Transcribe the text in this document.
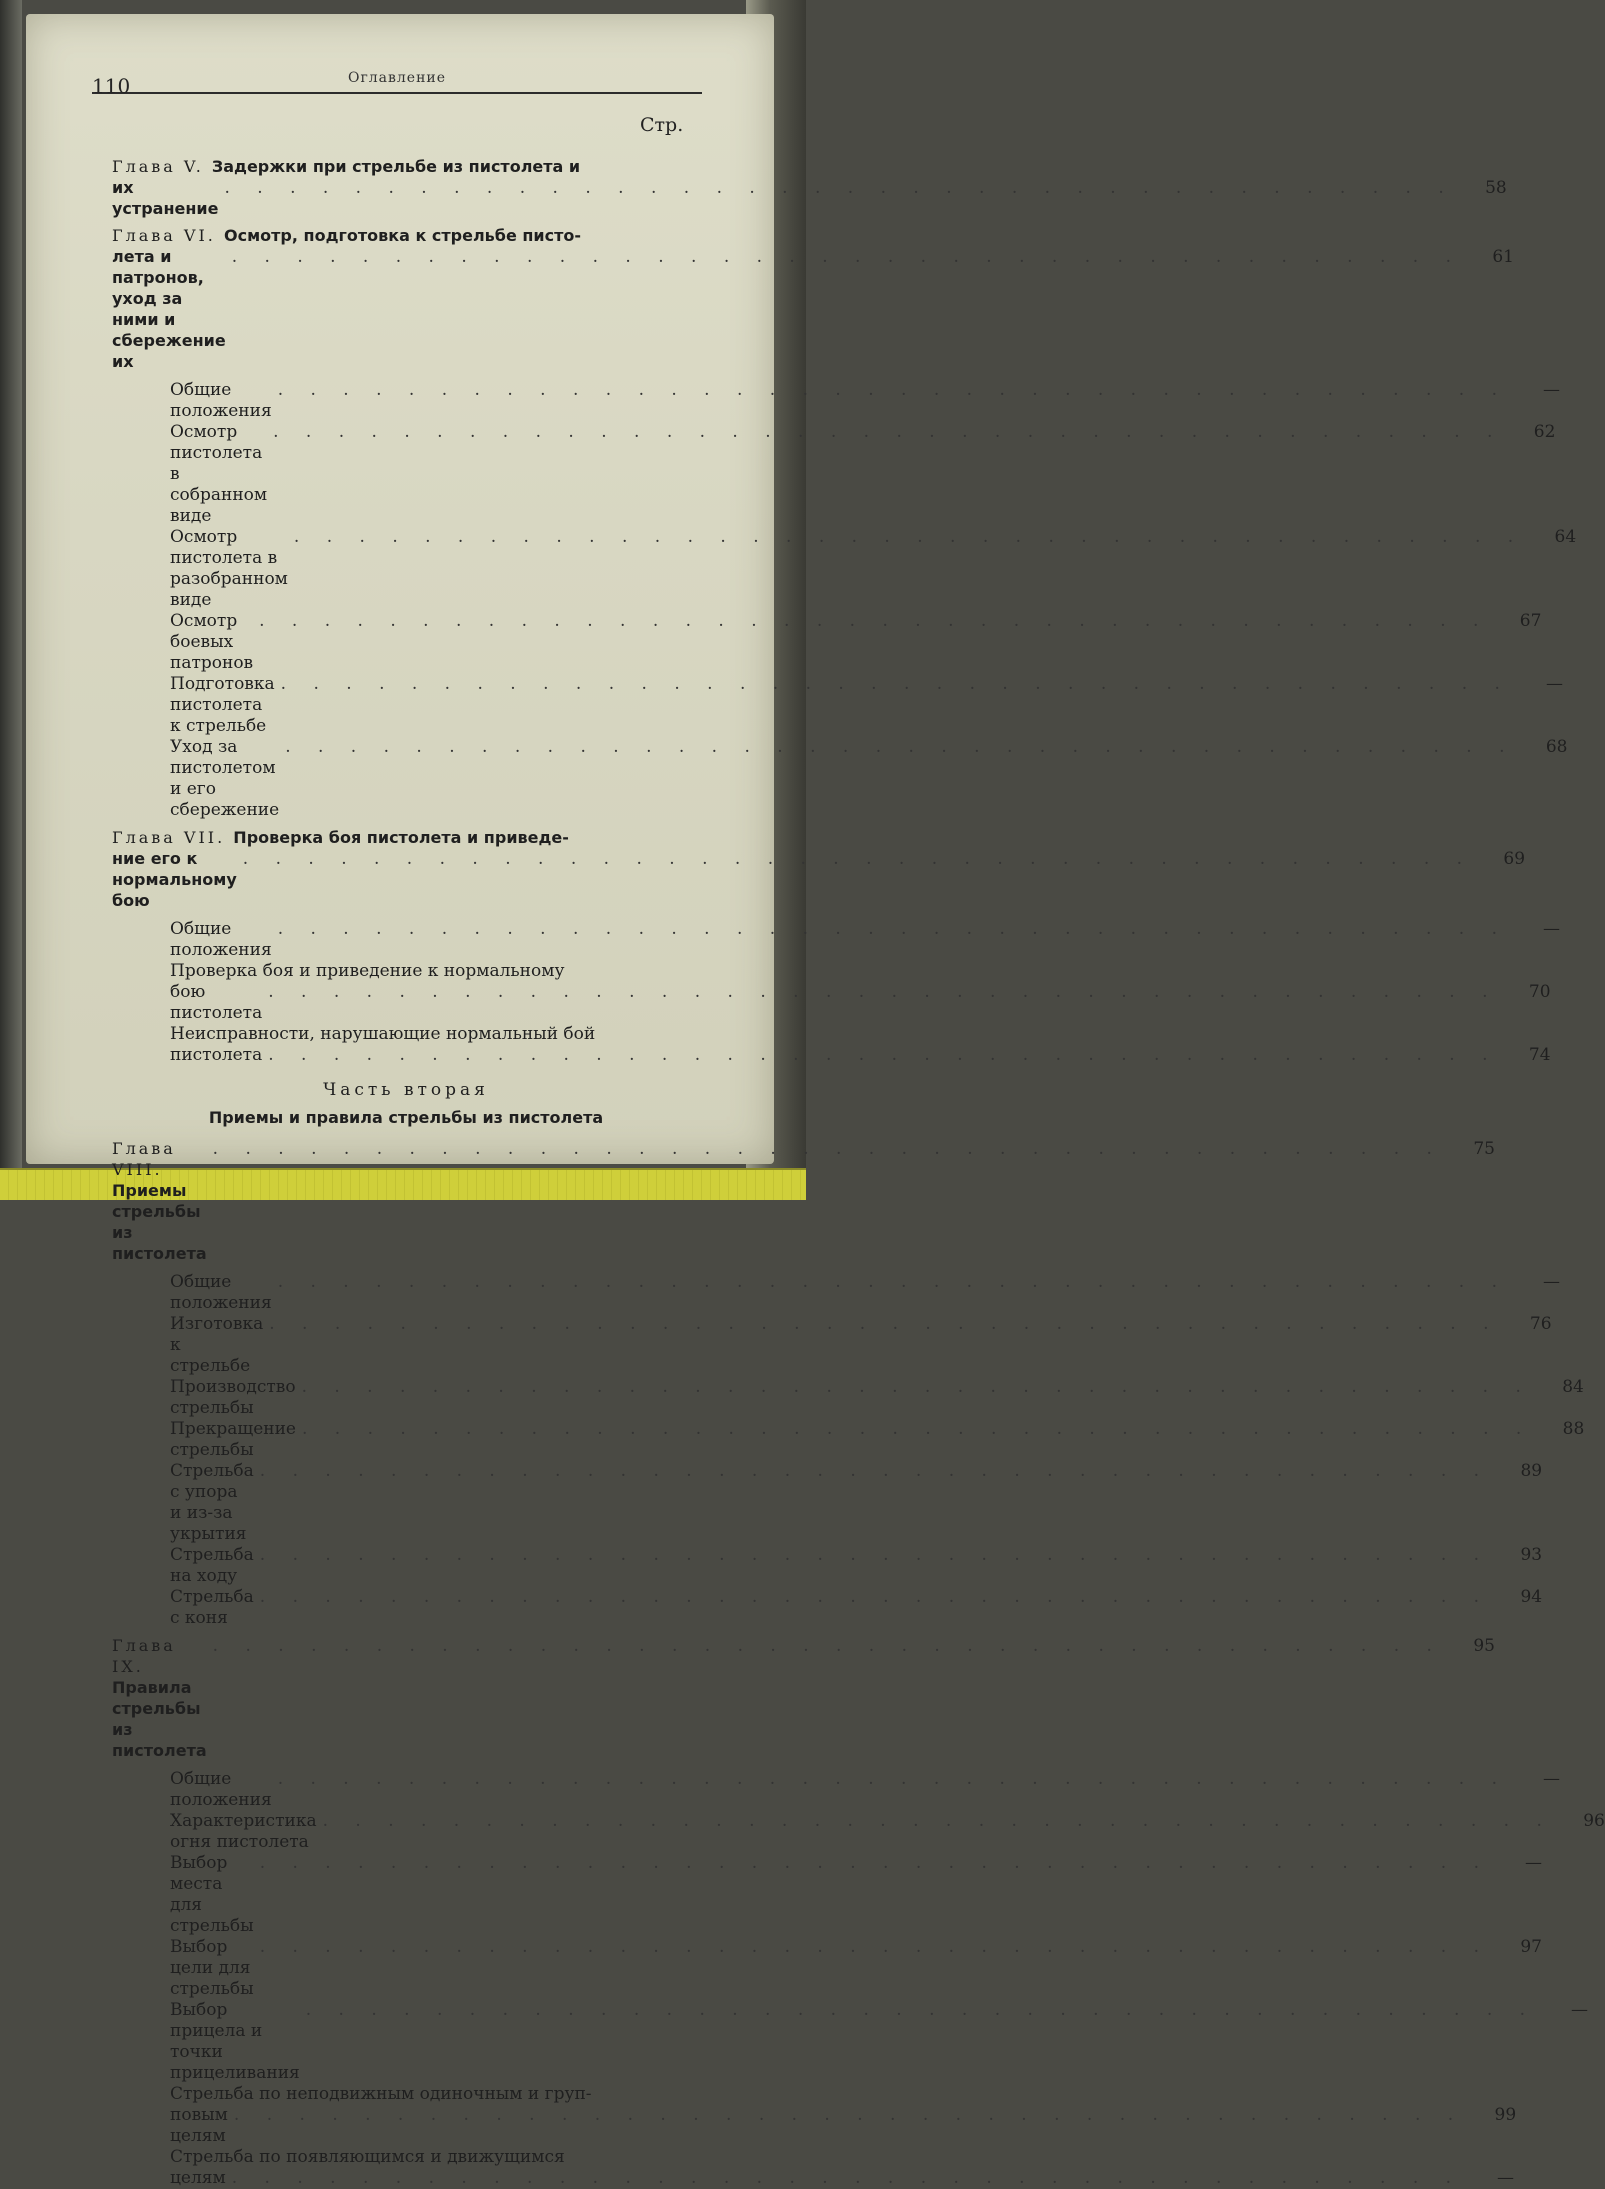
110	Оглавление
Стр.
Глава V. Задержки при стрельбе из пистолета и
их устранение
. . . . . . . . . . . . . . . . . . . . . . . . . . . . . . . . . . . . . .	58
Глава VI. Осмотр, подготовка к стрельбе писто-
лета и патронов, уход за ними и сбережение их
. . . . . . . . . . . . . . . . . . . . . . . . . . . . . . . . . . . . . .	61
Общие положения
. . . . . . . . . . . . . . . . . . . . . . . . . . . . . . . . . . . . . .	—
Осмотр пистолета в собранном виде
. . . . . . . . . . . . . . . . . . . . . . . . . . . . . . . . . . . . . .	62
Осмотр пистолета в разобранном виде
. . . . . . . . . . . . . . . . . . . . . . . . . . . . . . . . . . . . . .	64
Осмотр боевых патронов
. . . . . . . . . . . . . . . . . . . . . . . . . . . . . . . . . . . . . .	67
Подготовка пистолета к стрельбе
. . . . . . . . . . . . . . . . . . . . . . . . . . . . . . . . . . . . . .	—
Уход за пистолетом и его сбережение
. . . . . . . . . . . . . . . . . . . . . . . . . . . . . . . . . . . . . .	68
Глава VII. Проверка боя пистолета и приведе-
ние его к нормальному бою
. . . . . . . . . . . . . . . . . . . . . . . . . . . . . . . . . . . . . .	69
Общие положения
. . . . . . . . . . . . . . . . . . . . . . . . . . . . . . . . . . . . . .	—
Проверка боя и приведение к нормальному
бою пистолета
. . . . . . . . . . . . . . . . . . . . . . . . . . . . . . . . . . . . . .	70
Неисправности, нарушающие нормальный бой
пистолета . . . . . . . . . . . . . . . . . . . . . . . . . . . . . . . . . . . . . .	74
Часть вторая
Приемы и правила стрельбы из пистолета
Глава VIII. Приемы стрельбы из пистолета
. . . . . . . . . . . . . . . . . . . . . . . . . . . . . . . . . . . . . .	75
Общие положения
. . . . . . . . . . . . . . . . . . . . . . . . . . . . . . . . . . . . . .	—
Изготовка к стрельбе
. . . . . . . . . . . . . . . . . . . . . . . . . . . . . . . . . . . . . .	76
Производство стрельбы
. . . . . . . . . . . . . . . . . . . . . . . . . . . . . . . . . . . . . .	84
Прекращение стрельбы
. . . . . . . . . . . . . . . . . . . . . . . . . . . . . . . . . . . . . .	88
Стрельба с упора и из-за укрытия
. . . . . . . . . . . . . . . . . . . . . . . . . . . . . . . . . . . . . .	89
Стрельба на ходу
. . . . . . . . . . . . . . . . . . . . . . . . . . . . . . . . . . . . . .	93
Стрельба с коня
. . . . . . . . . . . . . . . . . . . . . . . . . . . . . . . . . . . . . .	94
Глава IX. Правила стрельбы из пистолета
. . . . . . . . . . . . . . . . . . . . . . . . . . . . . . . . . . . . . .	95
Общие положения
. . . . . . . . . . . . . . . . . . . . . . . . . . . . . . . . . . . . . .	—
Характеристика огня пистолета
. . . . . . . . . . . . . . . . . . . . . . . . . . . . . . . . . . . . . .	96
Выбор места для стрельбы
. . . . . . . . . . . . . . . . . . . . . . . . . . . . . . . . . . . . . .	—
Выбор цели для стрельбы
. . . . . . . . . . . . . . . . . . . . . . . . . . . . . . . . . . . . . .	97
Выбор прицела и точки прицеливания
. . . . . . . . . . . . . . . . . . . . . . . . . . . . . . . . . . . . . .	—
Стрельба по неподвижным одиночным и груп-
повым целям
. . . . . . . . . . . . . . . . . . . . . . . . . . . . . . . . . . . . . .	99
Стрельба по появляющимся и движущимся
целям . . . . . . . . . . . . . . . . . . . . . . . . . . . . . . . . . . . . . .	—
